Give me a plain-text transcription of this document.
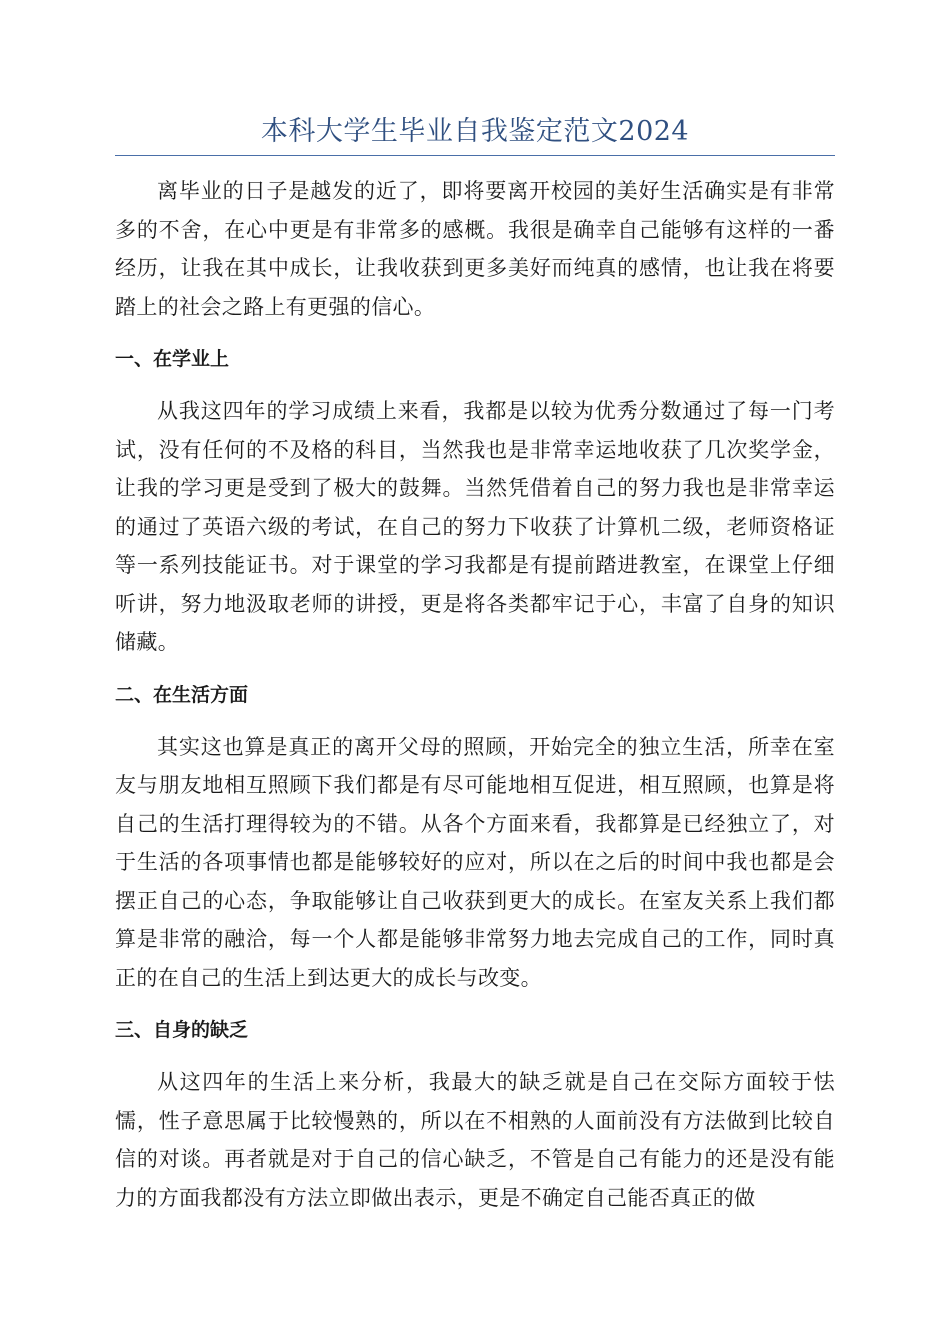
本科大学生毕业自我鉴定范文2024

离毕业的日子是越发的近了，即将要离开校园的美好生活确实是有非常多的不舍，在心中更是有非常多的感概。我很是确幸自己能够有这样的一番经历，让我在其中成长，让我收获到更多美好而纯真的感情，也让我在将要踏上的社会之路上有更强的信心。

一、在学业上

从我这四年的学习成绩上来看，我都是以较为优秀分数通过了每一门考试，没有任何的不及格的科目，当然我也是非常幸运地收获了几次奖学金，让我的学习更是受到了极大的鼓舞。当然凭借着自己的努力我也是非常幸运的通过了英语六级的考试，在自己的努力下收获了计算机二级，老师资格证等一系列技能证书。对于课堂的学习我都是有提前踏进教室，在课堂上仔细听讲，努力地汲取老师的讲授，更是将各类都牢记于心，丰富了自身的知识储藏。

二、在生活方面

其实这也算是真正的离开父母的照顾，开始完全的独立生活，所幸在室友与朋友地相互照顾下我们都是有尽可能地相互促进，相互照顾，也算是将自己的生活打理得较为的不错。从各个方面来看，我都算是已经独立了，对于生活的各项事情也都是能够较好的应对，所以在之后的时间中我也都是会摆正自己的心态，争取能够让自己收获到更大的成长。在室友关系上我们都算是非常的融洽，每一个人都是能够非常努力地去完成自己的工作，同时真正的在自己的生活上到达更大的成长与改变。

三、自身的缺乏

从这四年的生活上来分析，我最大的缺乏就是自己在交际方面较于怯懦，性子意思属于比较慢熟的，所以在不相熟的人面前没有方法做到比较自信的对谈。再者就是对于自己的信心缺乏，不管是自己有能力的还是没有能力的方面我都没有方法立即做出表示，更是不确定自己能否真正的做
